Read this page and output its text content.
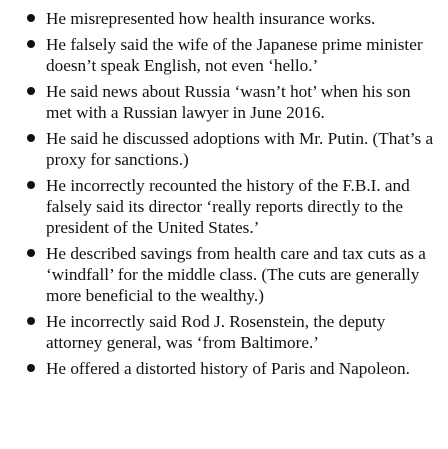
He misrepresented how health insurance works.
He falsely said the wife of the Japanese prime minister doesn’t speak English, not even ‘hello.’
He said news about Russia ‘wasn’t hot’ when his son met with a Russian lawyer in June 2016.
He said he discussed adoptions with Mr. Putin. (That’s a proxy for sanctions.)
He incorrectly recounted the history of the F.B.I. and falsely said its director ‘really reports directly to the president of the United States.’
He described savings from health care and tax cuts as a ‘windfall’ for the middle class. (The cuts are generally more beneficial to the wealthy.)
He incorrectly said Rod J. Rosenstein, the deputy attorney general, was ‘from Baltimore.’
He offered a distorted history of Paris and Napoleon.
